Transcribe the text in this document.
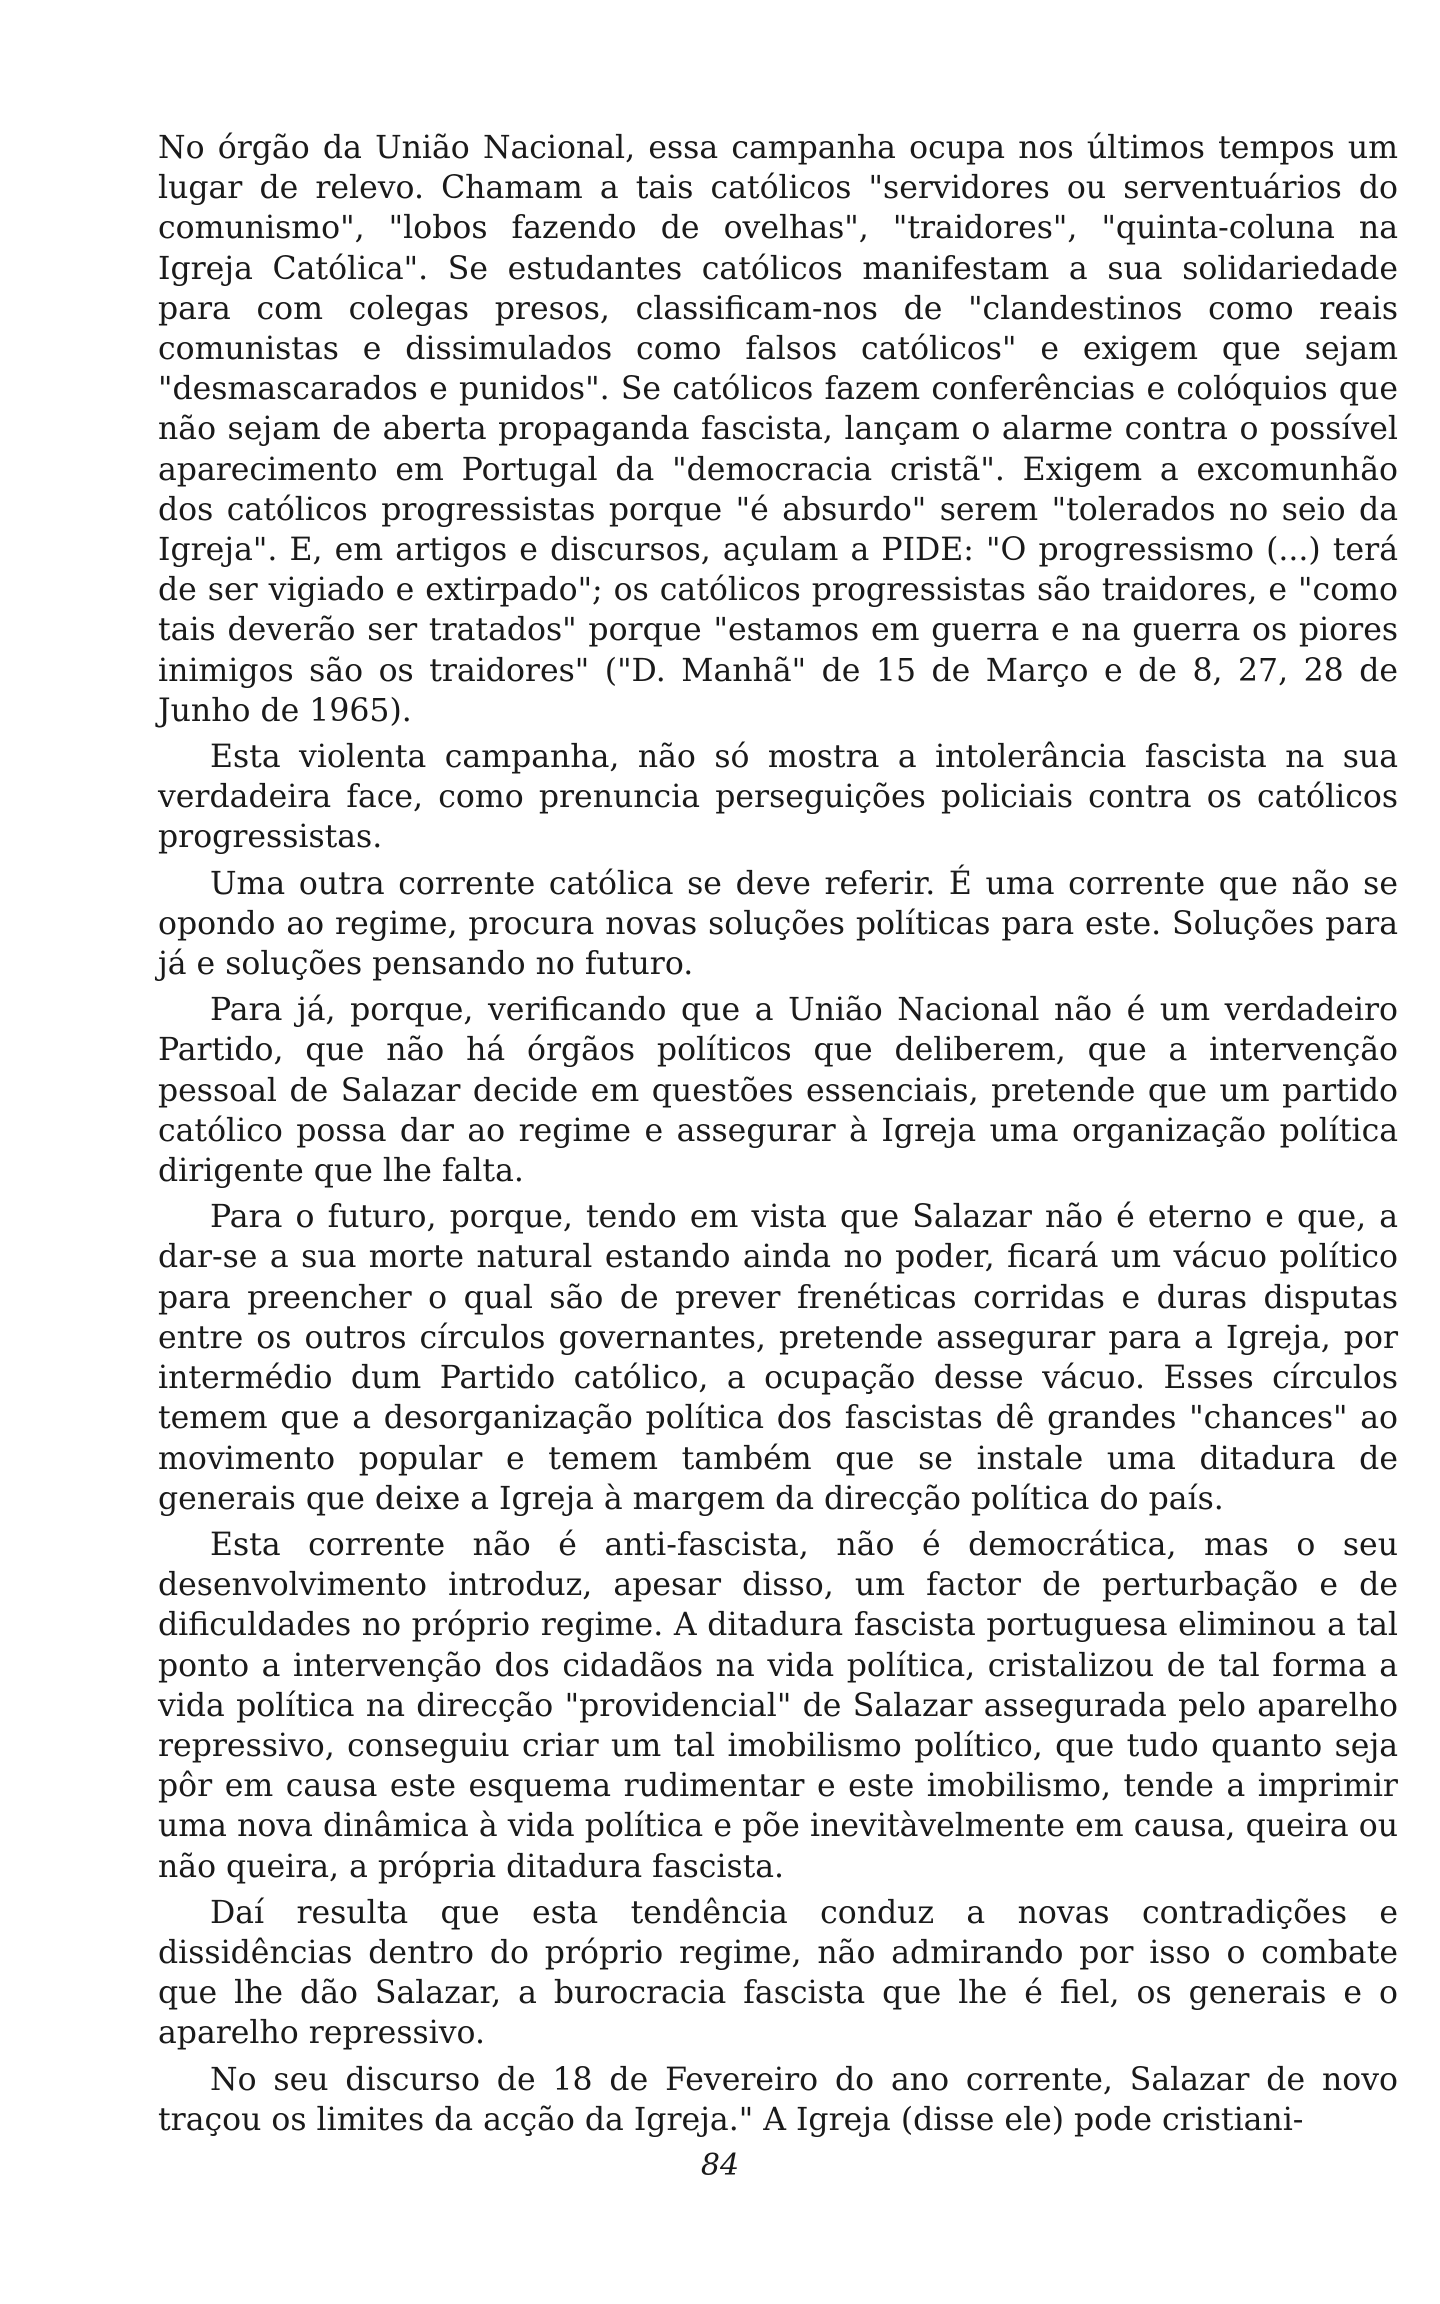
No órgão da União Nacional, essa campanha ocupa nos últimos tempos um lugar de relevo. Chamam a tais católicos "servidores ou serventuários do comunismo", "lobos fazendo de ovelhas", "traidores", "quinta-coluna na Igreja Católica". Se estudantes católicos manifestam a sua solidariedade para com colegas presos, classificam-nos de "clandestinos como reais comunistas e dissimulados como falsos católicos" e exigem que sejam "desmascarados e punidos". Se católicos fazem conferências e colóquios que não sejam de aberta propaganda fascista, lançam o alarme contra o possível aparecimento em Portugal da "democracia cristã". Exigem a excomunhão dos católicos progressistas porque "é absurdo" serem "tolerados no seio da Igreja". E, em artigos e discursos, açulam a PIDE: "O progressismo (...) terá de ser vigiado e extirpado"; os católicos progressistas são traidores, e "como tais deverão ser tratados" porque "estamos em guerra e na guerra os piores inimigos são os traidores" ("D. Manhã" de 15 de Março e de 8, 27, 28 de Junho de 1965).

Esta violenta campanha, não só mostra a intolerância fascista na sua verdadeira face, como prenuncia perseguições policiais contra os católicos progressistas.

Uma outra corrente católica se deve referir. É uma corrente que não se opondo ao regime, procura novas soluções políticas para este. Soluções para já e soluções pensando no futuro.

Para já, porque, verificando que a União Nacional não é um verdadeiro Partido, que não há órgãos políticos que deliberem, que a intervenção pessoal de Salazar decide em questões essenciais, pretende que um partido católico possa dar ao regime e assegurar à Igreja uma organização política dirigente que lhe falta.

Para o futuro, porque, tendo em vista que Salazar não é eterno e que, a dar-se a sua morte natural estando ainda no poder, ficará um vácuo político para preencher o qual são de prever frenéticas corridas e duras disputas entre os outros círculos governantes, pretende assegurar para a Igreja, por intermédio dum Partido católico, a ocupação desse vácuo. Esses círculos temem que a desorganização política dos fascistas dê grandes "chances" ao movimento popular e temem também que se instale uma ditadura de generais que deixe a Igreja à margem da direcção política do país.

Esta corrente não é anti-fascista, não é democrática, mas o seu desenvolvimento introduz, apesar disso, um factor de perturbação e de dificuldades no próprio regime. A ditadura fascista portuguesa eliminou a tal ponto a intervenção dos cidadãos na vida política, cristalizou de tal forma a vida política na direcção "providencial" de Salazar assegurada pelo aparelho repressivo, conseguiu criar um tal imobilismo político, que tudo quanto seja pôr em causa este esquema rudimentar e este imobilismo, tende a imprimir uma nova dinâmica à vida política e põe inevitàvelmente em causa, queira ou não queira, a própria ditadura fascista.

Daí resulta que esta tendência conduz a novas contradições e dissidências dentro do próprio regime, não admirando por isso o combate que lhe dão Salazar, a burocracia fascista que lhe é fiel, os generais e o aparelho repressivo.

No seu discurso de 18 de Fevereiro do ano corrente, Salazar de novo traçou os limites da acção da Igreja." A Igreja (disse ele) pode cristiani-

84
